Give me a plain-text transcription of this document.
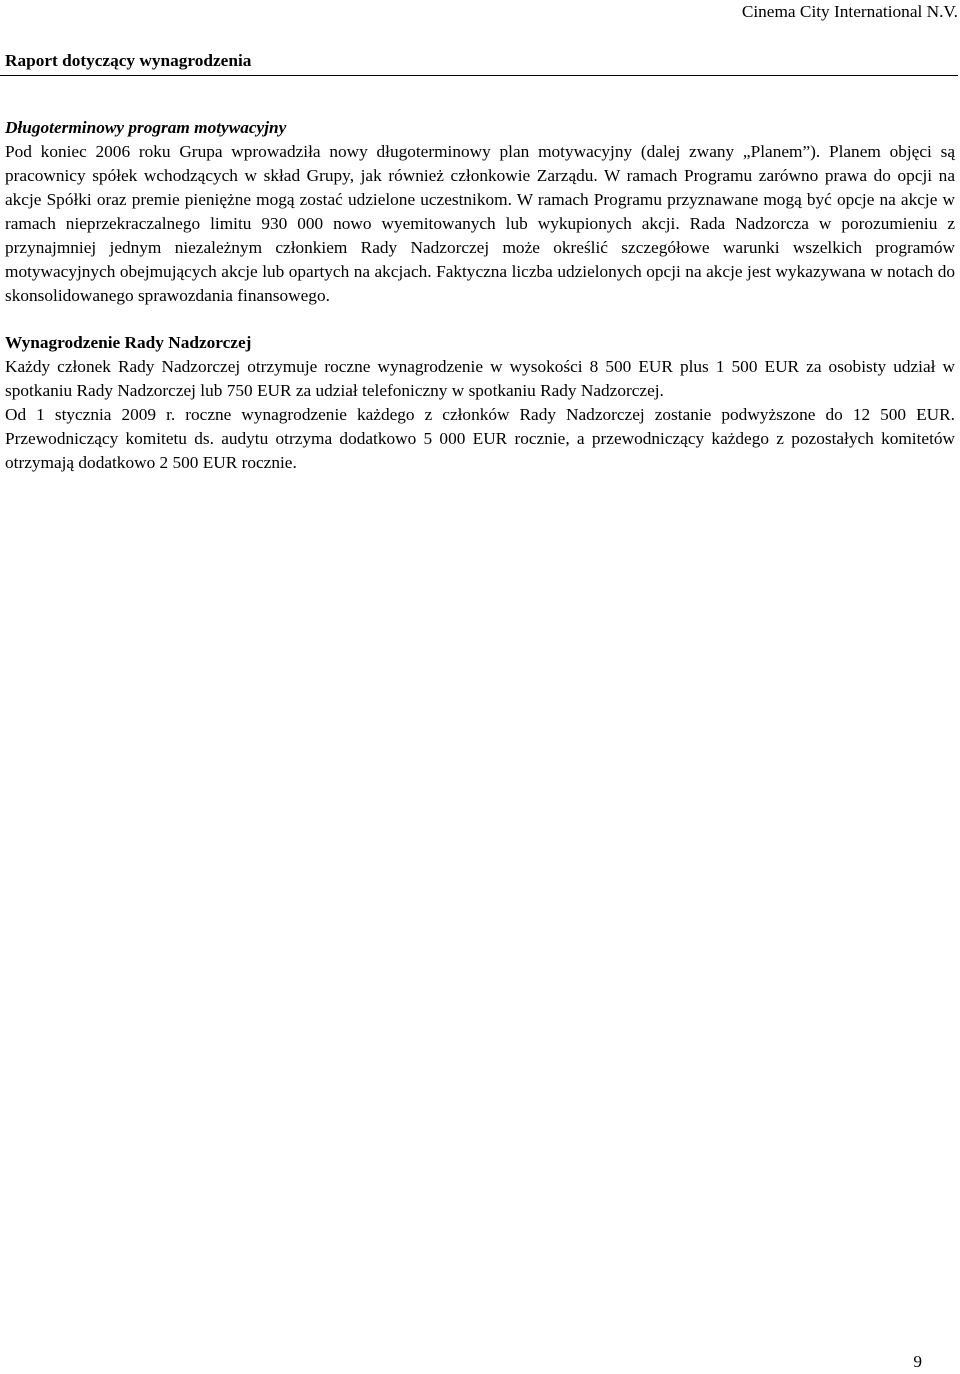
Cinema City International N.V.
Raport dotyczący wynagrodzenia

Długoterminowy program motywacyjny

Pod koniec 2006 roku Grupa wprowadziła nowy długoterminowy plan motywacyjny (dalej zwany „Planem”). Planem objęci są pracownicy spółek wchodzących w skład Grupy, jak również członkowie Zarządu. W ramach Programu zarówno prawa do opcji na akcje Spółki oraz premie pieniężne mogą zostać udzielone uczestnikom. W ramach Programu przyznawane mogą być opcje na akcje w ramach nieprzekraczalnego limitu 930 000 nowo wyemitowanych lub wykupionych akcji. Rada Nadzorcza w porozumieniu z przynajmniej jednym niezależnym członkiem Rady Nadzorczej może określić szczegółowe warunki wszelkich programów motywacyjnych obejmujących akcje lub opartych na akcjach. Faktyczna liczba udzielonych opcji na akcje jest wykazywana w notach do skonsolidowanego sprawozdania finansowego.

Wynagrodzenie Rady Nadzorczej

Każdy członek Rady Nadzorczej otrzymuje roczne wynagrodzenie w wysokości 8 500 EUR plus 1 500 EUR za osobisty udział w spotkaniu Rady Nadzorczej lub 750 EUR za udział telefoniczny w spotkaniu Rady Nadzorczej.

Od 1 stycznia 2009 r. roczne wynagrodzenie każdego z członków Rady Nadzorczej zostanie podwyższone do 12 500 EUR. Przewodniczący komitetu ds. audytu otrzyma dodatkowo 5 000 EUR rocznie, a przewodniczący każdego z pozostałych komitetów otrzymają dodatkowo 2 500 EUR rocznie.

9
